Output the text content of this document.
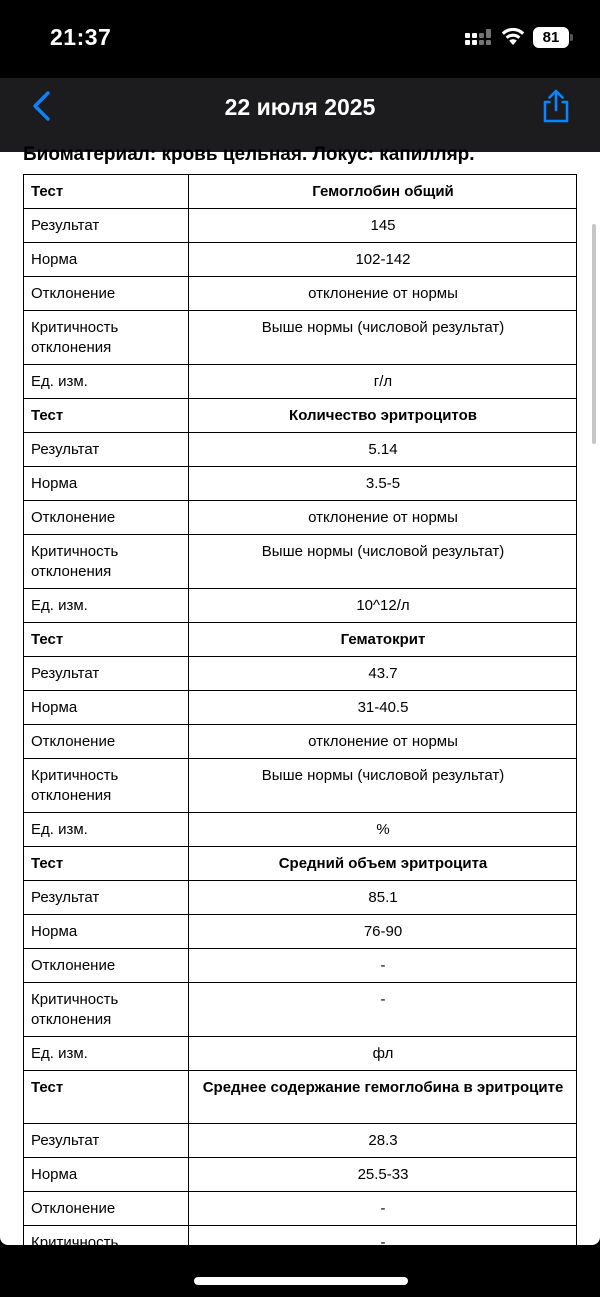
21:37	81
22 июля 2025
Биоматериал: кровь цельная. Локус: капилляр.
Тест	Гемоглобин общий
Результат	145
Норма	102-142
Отклонение	отклонение от нормы
Критичность отклонения	Выше нормы (числовой результат)
Ед. изм.	г/л
Тест	Количество эритроцитов
Результат	5.14
Норма	3.5-5
Отклонение	отклонение от нормы
Критичность отклонения	Выше нормы (числовой результат)
Ед. изм.	10^12/л
Тест	Гематокрит
Результат	43.7
Норма	31-40.5
Отклонение	отклонение от нормы
Критичность отклонения	Выше нормы (числовой результат)
Ед. изм.	%
Тест	Средний объем эритроцита
Результат	85.1
Норма	76-90
Отклонение	-
Критичность отклонения	-
Ед. изм.	фл
Тест	Среднее содержание гемоглобина в эритроците
Результат	28.3
Норма	25.5-33
Отклонение	-
Критичность отклонения	-
